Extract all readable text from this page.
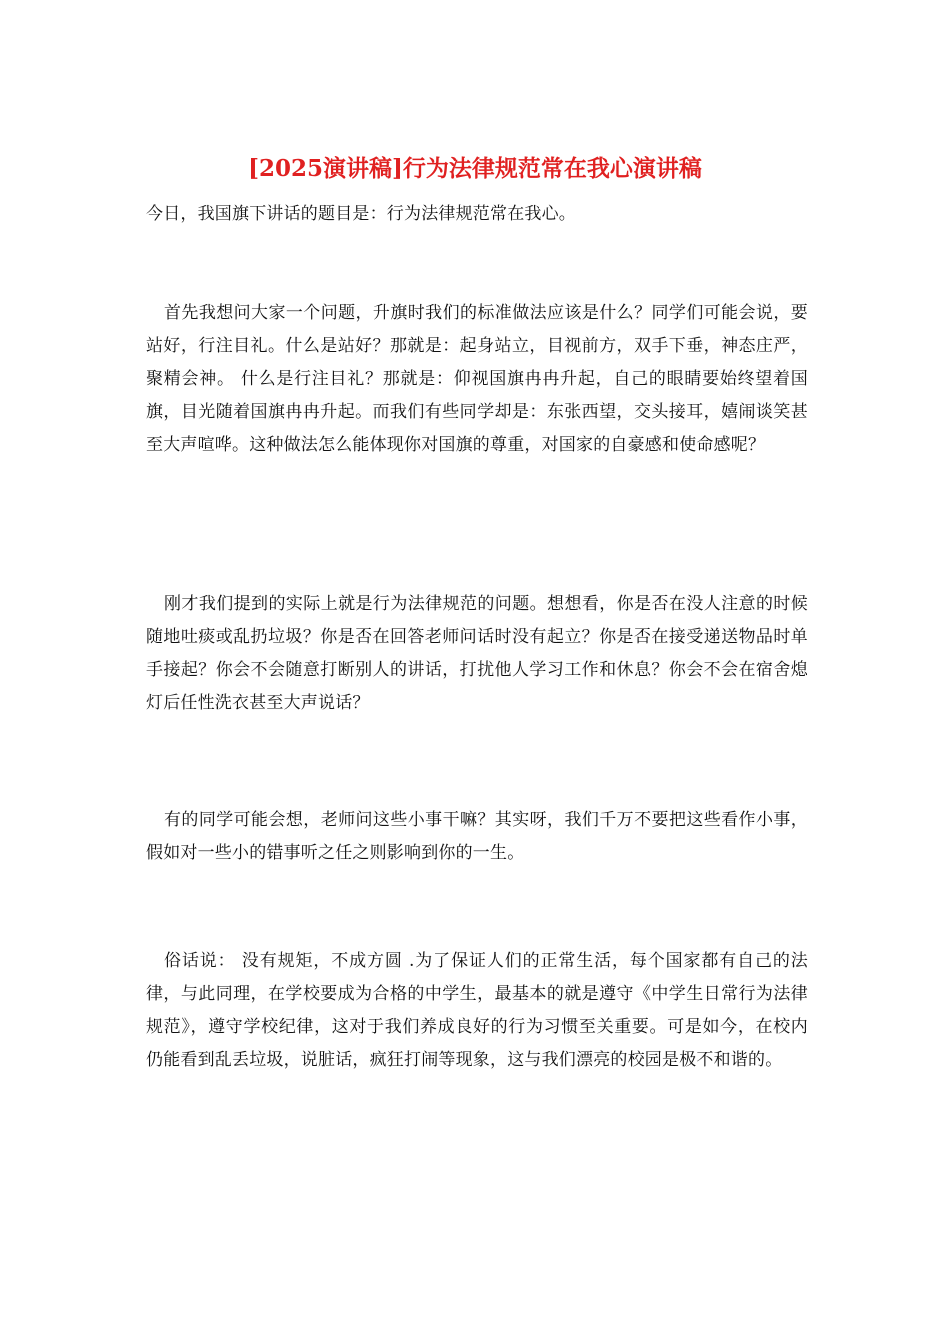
[2025演讲稿]行为法律规范常在我心演讲稿

今日，我国旗下讲话的题目是：行为法律规范常在我心。

首先我想问大家一个问题，升旗时我们的标准做法应该是什么？同学们可能会说，要站好，行注目礼。什么是站好？那就是：起身站立，目视前方，双手下垂，神态庄严，聚精会神。 什么是行注目礼？那就是：仰视国旗冉冉升起，自己的眼睛要始终望着国旗，目光随着国旗冉冉升起。而我们有些同学却是：东张西望，交头接耳，嬉闹谈笑甚至大声喧哗。这种做法怎么能体现你对国旗的尊重，对国家的自豪感和使命感呢？

刚才我们提到的实际上就是行为法律规范的问题。想想看，你是否在没人注意的时候随地吐痰或乱扔垃圾？你是否在回答老师问话时没有起立？你是否在接受递送物品时单手接起？你会不会随意打断别人的讲话，打扰他人学习工作和休息？你会不会在宿舍熄灯后任性洗衣甚至大声说话？

有的同学可能会想，老师问这些小事干嘛？其实呀，我们千万不要把这些看作小事，假如对一些小的错事听之任之则影响到你的一生。

俗话说： 没有规矩，不成方圆 .为了保证人们的正常生活，每个国家都有自己的法律，与此同理，在学校要成为合格的中学生，最基本的就是遵守《中学生日常行为法律规范》，遵守学校纪律，这对于我们养成良好的行为习惯至关重要。可是如今，在校内仍能看到乱丢垃圾，说脏话，疯狂打闹等现象，这与我们漂亮的校园是极不和谐的。
